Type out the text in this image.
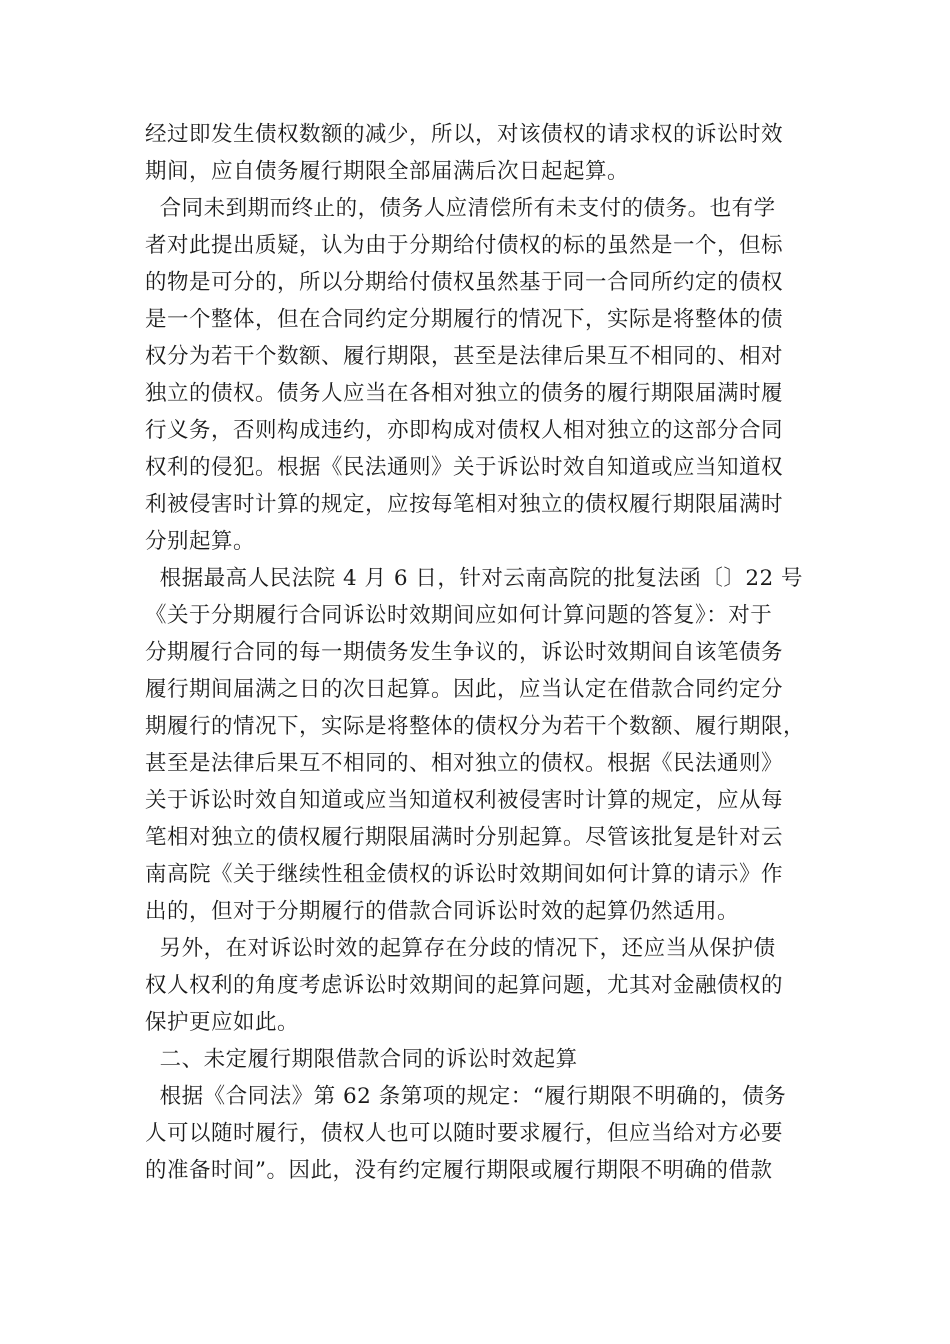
经过即发生债权数额的减少，所以，对该债权的请求权的诉讼时效
期间，应自债务履行期限全部届满后次日起起算。
合同未到期而终止的，债务人应清偿所有未支付的债务。也有学
者对此提出质疑，认为由于分期给付债权的标的虽然是一个，但标
的物是可分的，所以分期给付债权虽然基于同一合同所约定的债权
是一个整体，但在合同约定分期履行的情况下，实际是将整体的债
权分为若干个数额、履行期限，甚至是法律后果互不相同的、相对
独立的债权。债务人应当在各相对独立的债务的履行期限届满时履
行义务，否则构成违约，亦即构成对债权人相对独立的这部分合同
权利的侵犯。根据《民法通则》关于诉讼时效自知道或应当知道权
利被侵害时计算的规定，应按每笔相对独立的债权履行期限届满时
分别起算。
根据最高人民法院 4 月 6 日，针对云南高院的批复法函〔〕22 号
《关于分期履行合同诉讼时效期间应如何计算问题的答复》：对于
分期履行合同的每一期债务发生争议的，诉讼时效期间自该笔债务
履行期间届满之日的次日起算。因此，应当认定在借款合同约定分
期履行的情况下，实际是将整体的债权分为若干个数额、履行期限，
甚至是法律后果互不相同的、相对独立的债权。根据《民法通则》
关于诉讼时效自知道或应当知道权利被侵害时计算的规定，应从每
笔相对独立的债权履行期限届满时分别起算。尽管该批复是针对云
南高院《关于继续性租金债权的诉讼时效期间如何计算的请示》作
出的，但对于分期履行的借款合同诉讼时效的起算仍然适用。
另外，在对诉讼时效的起算存在分歧的情况下，还应当从保护债
权人权利的角度考虑诉讼时效期间的起算问题，尤其对金融债权的
保护更应如此。
二、未定履行期限借款合同的诉讼时效起算
根据《合同法》第 62 条第项的规定：“履行期限不明确的，债务
人可以随时履行，债权人也可以随时要求履行，但应当给对方必要
的准备时间”。因此，没有约定履行期限或履行期限不明确的借款
